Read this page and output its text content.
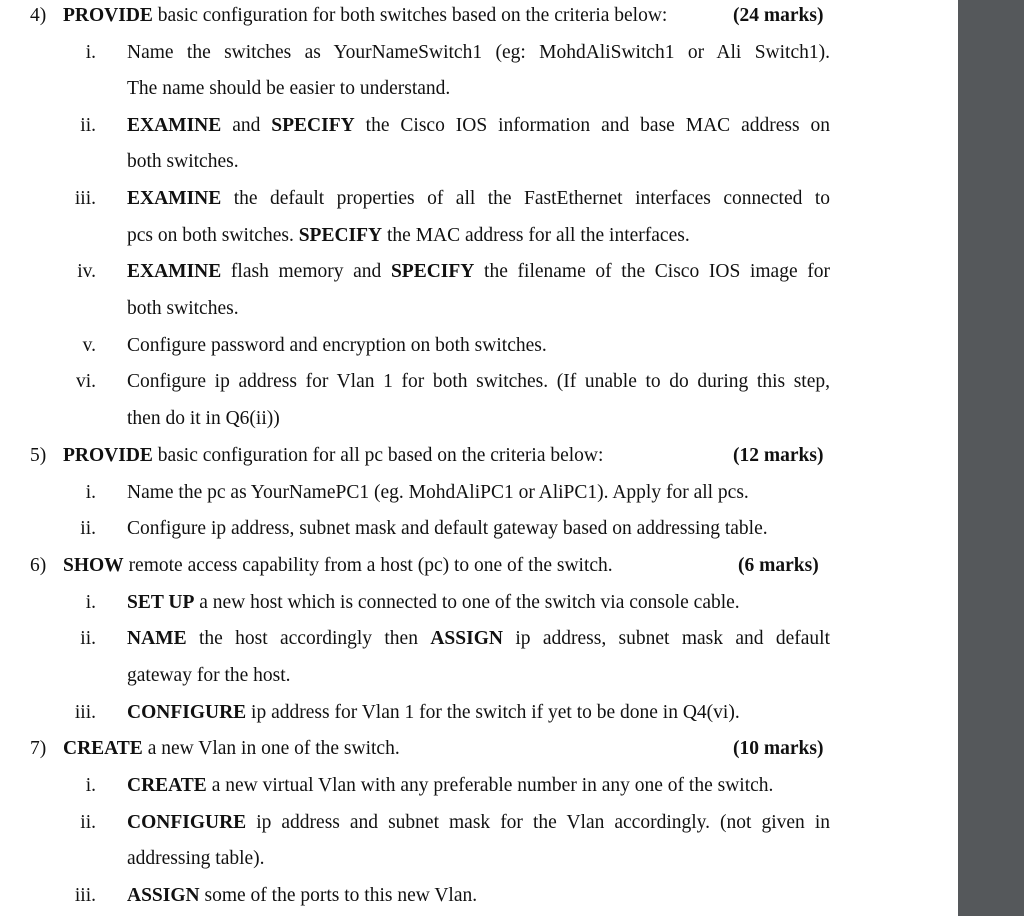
4) PROVIDE basic configuration for both switches based on the criteria below:	(24 marks)
i. Name the switches as YourNameSwitch1 (eg: MohdAliSwitch1 or Ali Switch1).
The name should be easier to understand.
ii. EXAMINE and SPECIFY the Cisco IOS information and base MAC address on
both switches.
iii. EXAMINE the default properties of all the FastEthernet interfaces connected to
pcs on both switches. SPECIFY the MAC address for all the interfaces.
iv. EXAMINE flash memory and SPECIFY the filename of the Cisco IOS image for
both switches.
v. Configure password and encryption on both switches.
vi. Configure ip address for Vlan 1 for both switches. (If unable to do during this step,
then do it in Q6(ii))
5) PROVIDE basic configuration for all pc based on the criteria below:	(12 marks)
i. Name the pc as YourNamePC1 (eg. MohdAliPC1 or AliPC1). Apply for all pcs.
ii. Configure ip address, subnet mask and default gateway based on addressing table.
6) SHOW remote access capability from a host (pc) to one of the switch.	(6 marks)
i. SET UP a new host which is connected to one of the switch via console cable.
ii. NAME the host accordingly then ASSIGN ip address, subnet mask and default
gateway for the host.
iii. CONFIGURE ip address for Vlan 1 for the switch if yet to be done in Q4(vi).
7) CREATE a new Vlan in one of the switch.	(10 marks)
i. CREATE a new virtual Vlan with any preferable number in any one of the switch.
ii. CONFIGURE ip address and subnet mask for the Vlan accordingly. (not given in
addressing table).
iii. ASSIGN some of the ports to this new Vlan.
